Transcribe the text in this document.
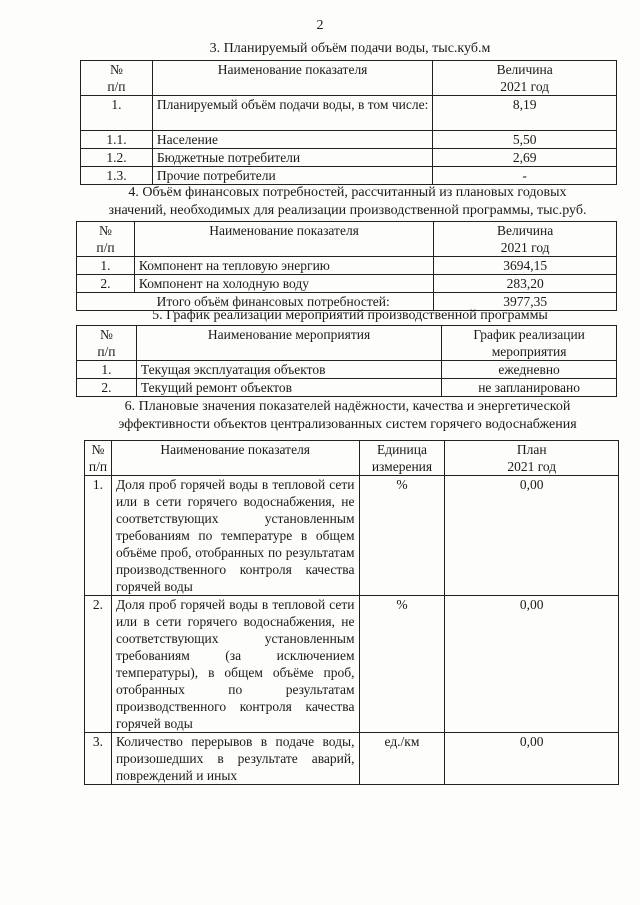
2
3. Планируемый объём подачи воды, тыс.куб.м
№
п/п	Наименование показателя	Величина
2021 год
1.	Планируемый объём подачи воды, в том числе:	8,19
1.1.	Население	5,50
1.2.	Бюджетные потребители	2,69
1.3.	Прочие потребители	-
4. Объём финансовых потребностей, рассчитанный из плановых годовых
значений, необходимых для реализации производственной программы, тыс.руб.
№
п/п	Наименование показателя	Величина
2021 год
1.	Компонент на тепловую энергию	3694,15
2.	Компонент на холодную воду	283,20
Итого объём финансовых потребностей:		3977,35
5. График реализации мероприятий производственной программы
№
п/п	Наименование мероприятия	График реализации
мероприятия
1.	Текущая эксплуатация объектов	ежедневно
2.	Текущий ремонт объектов	не запланировано
6. Плановые значения показателей надёжности, качества и энергетической
эффективности объектов централизованных систем горячего водоснабжения
№
п/п	Наименование показателя	Единица
измерения	План
2021 год
1.	Доля проб горячей воды в тепловой сети или в сети горячего водоснабжения, не соответствующих установленным требованиям по температуре в общем объёме проб, отобранных по результатам производственного контроля качества горячей воды	%	0,00
2.	Доля проб горячей воды в тепловой сети или в сети горячего водоснабжения, не соответствующих установленным требованиям (за исключением температуры), в общем объёме проб, отобранных по результатам производственного контроля качества горячей воды	%	0,00
3.	Количество перерывов в подаче воды, произошедших в результате аварий, повреждений и иных	ед./км	0,00
